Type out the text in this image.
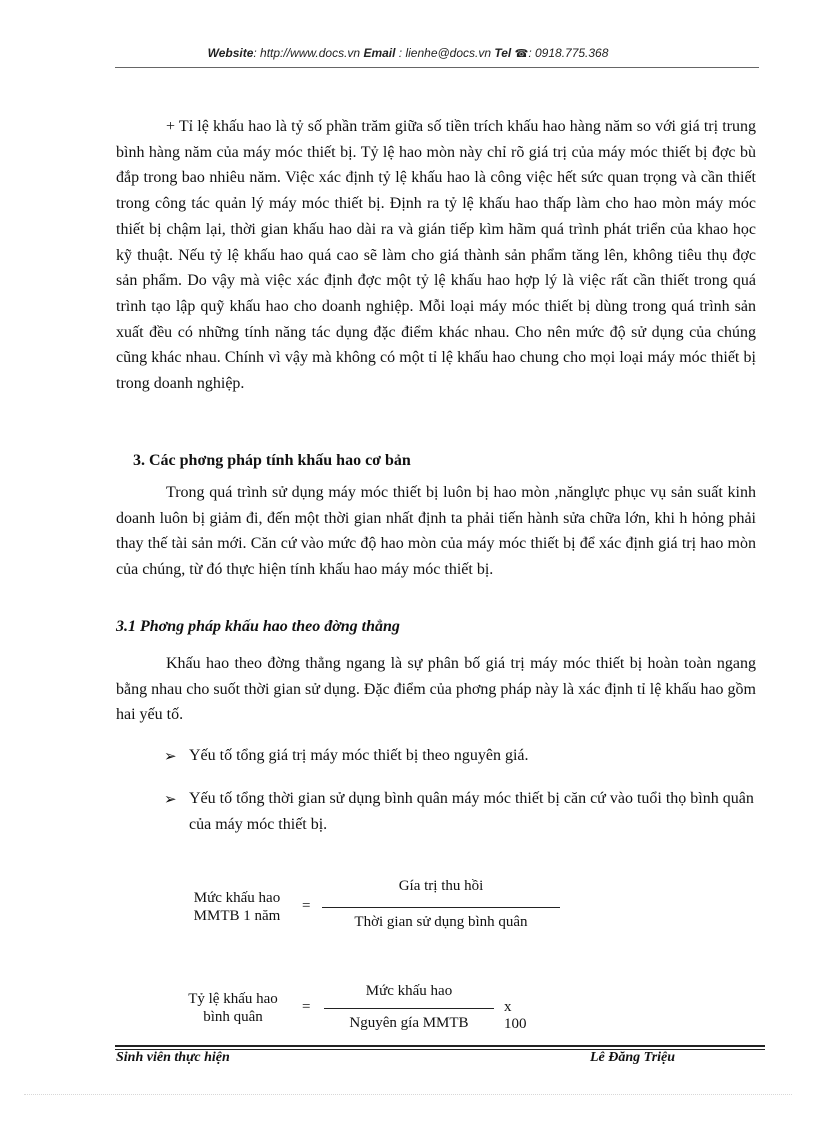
Website: http://www.docs.vn Email : lienhe@docs.vn Tel ☎: 0918.775.368

+ Tỉ lệ khấu hao là tỷ số phần trăm giữa số tiền trích khấu hao hàng năm so với giá trị trung bình hàng năm của máy móc thiết bị. Tỷ lệ hao mòn này chỉ rõ giá trị của máy móc thiết bị đợc bù đắp trong bao nhiêu năm. Việc xác định tỷ lệ khấu hao là công việc hết sức quan trọng và cần thiết trong công tác quản lý máy móc thiết bị. Định ra tỷ lệ khấu hao thấp làm cho hao mòn máy móc thiết bị chậm lại, thời gian khấu hao dài ra và gián tiếp kìm hãm quá trình phát triển của khao học kỹ thuật. Nếu tỷ lệ khấu hao quá cao sẽ làm cho giá thành sản phẩm tăng lên, không tiêu thụ đợc sản phẩm. Do vậy mà việc xác định đợc một tỷ lệ khấu hao hợp lý là việc rất cần thiết trong quá trình tạo lập quỹ khấu hao cho doanh nghiệp. Mỗi loại máy móc thiết bị dùng trong quá trình sản xuất đều có những tính năng tác dụng đặc điểm khác nhau. Cho nên mức độ sử dụng của chúng cũng khác nhau. Chính vì vậy mà không có một tỉ lệ khấu hao chung cho mọi loại máy móc thiết bị trong doanh nghiệp.

3. Các phơng pháp tính khấu hao cơ bản

Trong quá trình sử dụng máy móc thiết bị luôn bị hao mòn ,nănglực phục vụ sản suất kinh doanh luôn bị giảm đi, đến một thời gian nhất định ta phải tiến hành sửa chữa lớn, khi h hỏng phải thay thế tài sản mới. Căn cứ vào mức độ hao mòn của máy móc thiết bị để xác định giá trị hao mòn của chúng, từ đó thực hiện tính khấu hao máy móc thiết bị.

3.1 Phơng pháp khấu hao theo đờng thẳng

Khấu hao theo đờng thẳng ngang là sự phân bố giá trị máy móc thiết bị hoàn toàn ngang bằng nhau cho suốt thời gian sử dụng. Đặc điểm của phơng pháp này là xác định tỉ lệ khấu hao gồm hai yếu tố.

➢ Yếu tố tổng giá trị máy móc thiết bị theo nguyên giá.
➢ Yếu tố tổng thời gian sử dụng bình quân máy móc thiết bị căn cứ vào tuổi thọ bình quân của máy móc thiết bị.
Mức khấu hao
MMTB 1 năm
=
Gía trị thu hồi
Thời gian sử dụng bình quân
Tỷ lệ khấu hao
bình quân
=
Mức khấu hao
Nguyên gía MMTB
x 100
Sinh viên thực hiện	Lê Đăng Triệu
